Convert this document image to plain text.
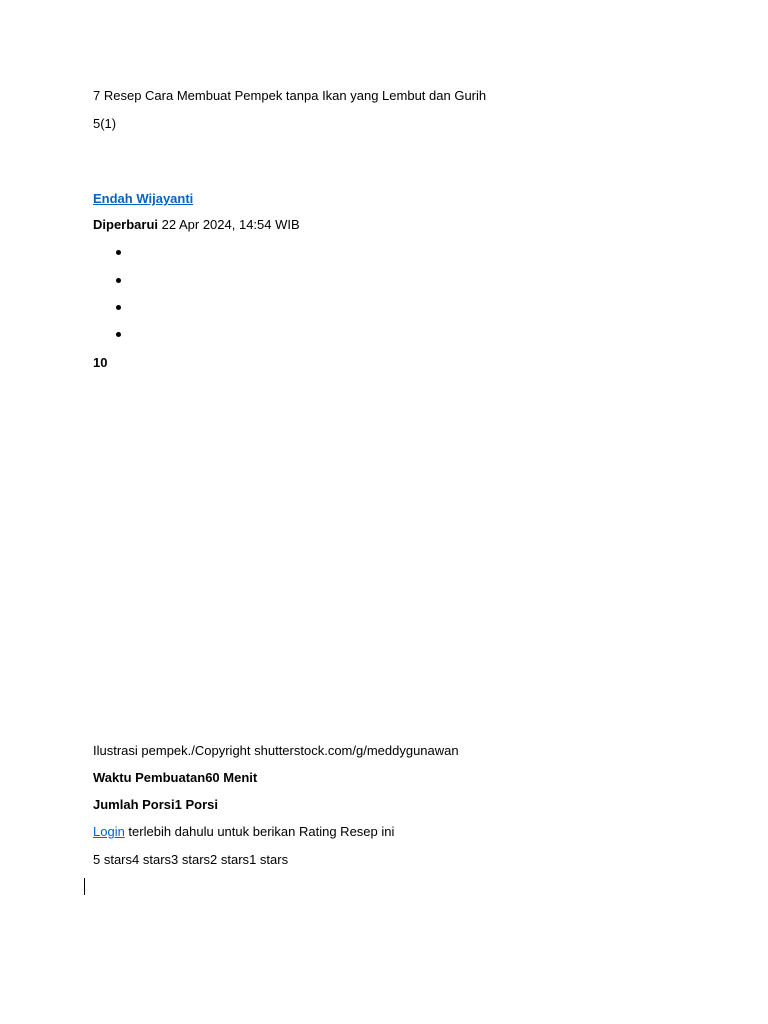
7 Resep Cara Membuat Pempek tanpa Ikan yang Lembut dan Gurih
5(1)
Endah Wijayanti
Diperbarui 22 Apr 2024, 14:54 WIB
10
Ilustrasi pempek./Copyright shutterstock.com/g/meddygunawan
Waktu Pembuatan60 Menit
Jumlah Porsi1 Porsi
Login terlebih dahulu untuk berikan Rating Resep ini
5 stars4 stars3 stars2 stars1 stars
